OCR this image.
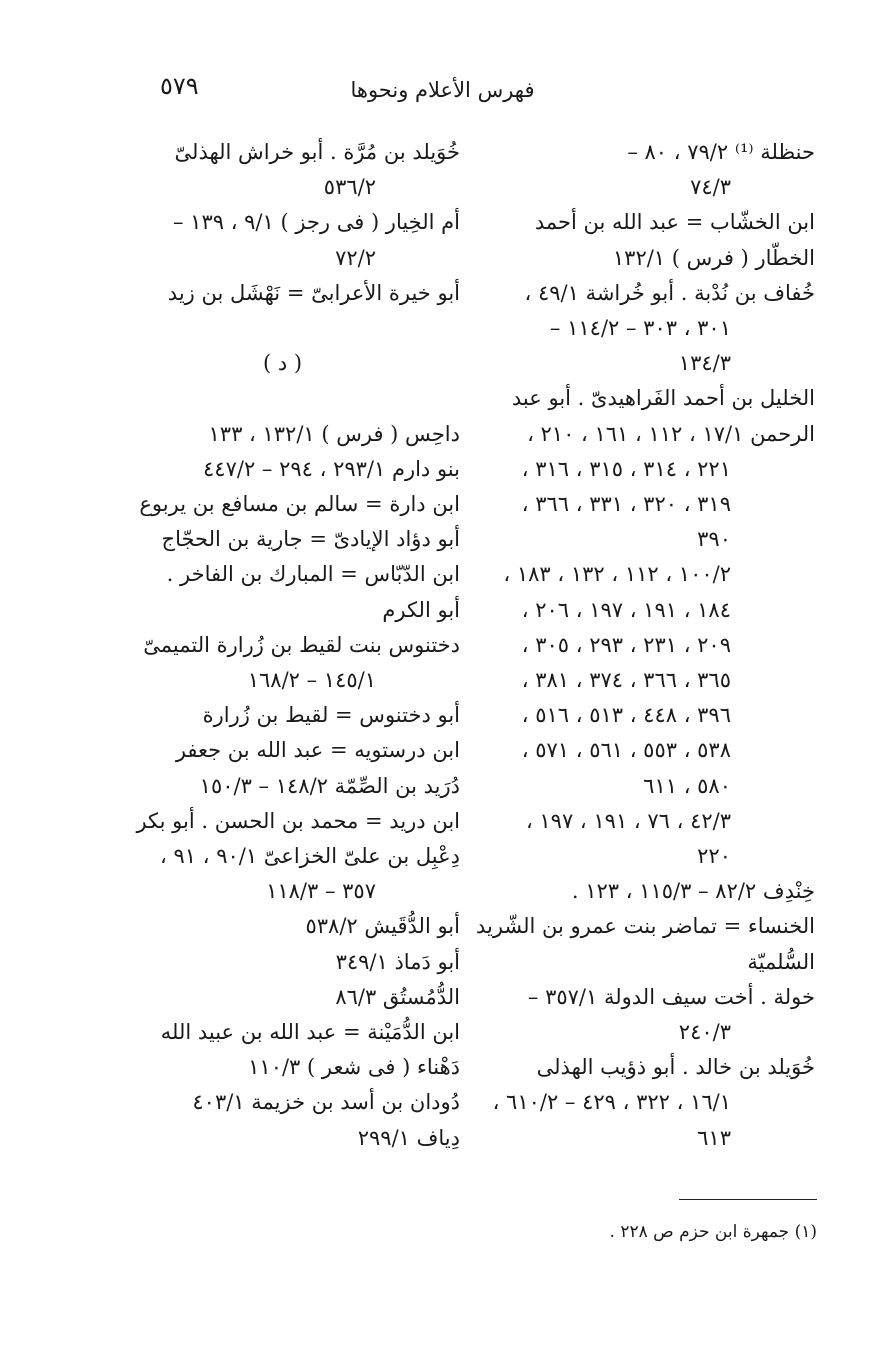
٥٧٩	فهرس الأعلام ونحوها
حنظلة ⁽¹⁾ ٧٩/٢ ، ٨٠ –
٧٤/٣
ابن الخشّاب = عبد الله بن أحمد
الخطّار ( فرس ) ١٣٢/١
خُفاف بن نُدْبة . أبو خُراشة ٤٩/١ ،
٣٠١ ، ٣٠٣ – ١١٤/٢ –
١٣٤/٣
الخليل بن أحمد الفَراهيدىّ . أبو عبد
الرحمن ١٧/١ ، ١١٢ ، ١٦١ ، ٢١٠ ،
٢٢١ ، ٣١٤ ، ٣١٥ ، ٣١٦ ،
٣١٩ ، ٣٢٠ ، ٣٣١ ، ٣٦٦ ،
٣٩٠
١٠٠/٢ ، ١١٢ ، ١٣٢ ، ١٨٣ ،
١٨٤ ، ١٩١ ، ١٩٧ ، ٢٠٦ ،
٢٠٩ ، ٢٣١ ، ٢٩٣ ، ٣٠٥ ،
٣٦٥ ، ٣٦٦ ، ٣٧٤ ، ٣٨١ ،
٣٩٦ ، ٤٤٨ ، ٥١٣ ، ٥١٦ ،
٥٣٨ ، ٥٥٣ ، ٥٦١ ، ٥٧١ ،
٥٨٠ ، ٦١١
٤٢/٣ ، ٧٦ ، ١٩١ ، ١٩٧ ،
٢٢٠
خِنْدِف ٨٢/٢ – ١١٥/٣ ، ١٢٣ .
الخنساء = تماضر بنت عمرو بن الشّريد
السُّلميّة
خولة . أخت سيف الدولة ٣٥٧/١ –
٢٤٠/٣
خُوَيلد بن خالد . أبو ذؤيب الهذلى
١٦/١ ، ٣٢٢ ، ٤٢٩ – ٦١٠/٢ ،
٦١٣
خُوَيلد بن مُرَّة . أبو خراش الهذلىّ
٥٣٦/٢
أم الخِيار ( فى رجز ) ٩/١ ، ١٣٩ –
٧٢/٢
أبو خيرة الأعرابىّ = نَهْشَل بن زيد
( د )
داحِس ( فرس ) ١٣٢/١ ، ١٣٣
بنو دارم ٢٩٣/١ ، ٢٩٤ – ٤٤٧/٢
ابن دارة = سالم بن مسافع بن يربوع
أبو دؤاد الإيادىّ = جارية بن الحجّاج
ابن الدّبّاس = المبارك بن الفاخر .
أبو الكرم
دختنوس بنت لقيط بن زُرارة التميمىّ
١٤٥/١ – ١٦٨/٢
أبو دختنوس = لقيط بن زُرارة
ابن درستويه = عبد الله بن جعفر
دُرَيد بن الصِّمّة ١٤٨/٢ – ١٥٠/٣
ابن دريد = محمد بن الحسن . أبو بكر
دِعْبِل بن علىّ الخزاعىّ ٩٠/١ ، ٩١ ،
٣٥٧ – ١١٨/٣
أبو الدُّقَيش ٥٣٨/٢
أبو دَماذ ٣٤٩/١
الدُّمُستُق ٨٦/٣
ابن الدُّمَيْنة = عبد الله بن عبيد الله
دَهْناء ( فى شعر ) ١١٠/٣
دُودان بن أسد بن خزيمة ٤٠٣/١
دِياف ٢٩٩/١
(١) جمهرة ابن حزم ص ٢٢٨ .
